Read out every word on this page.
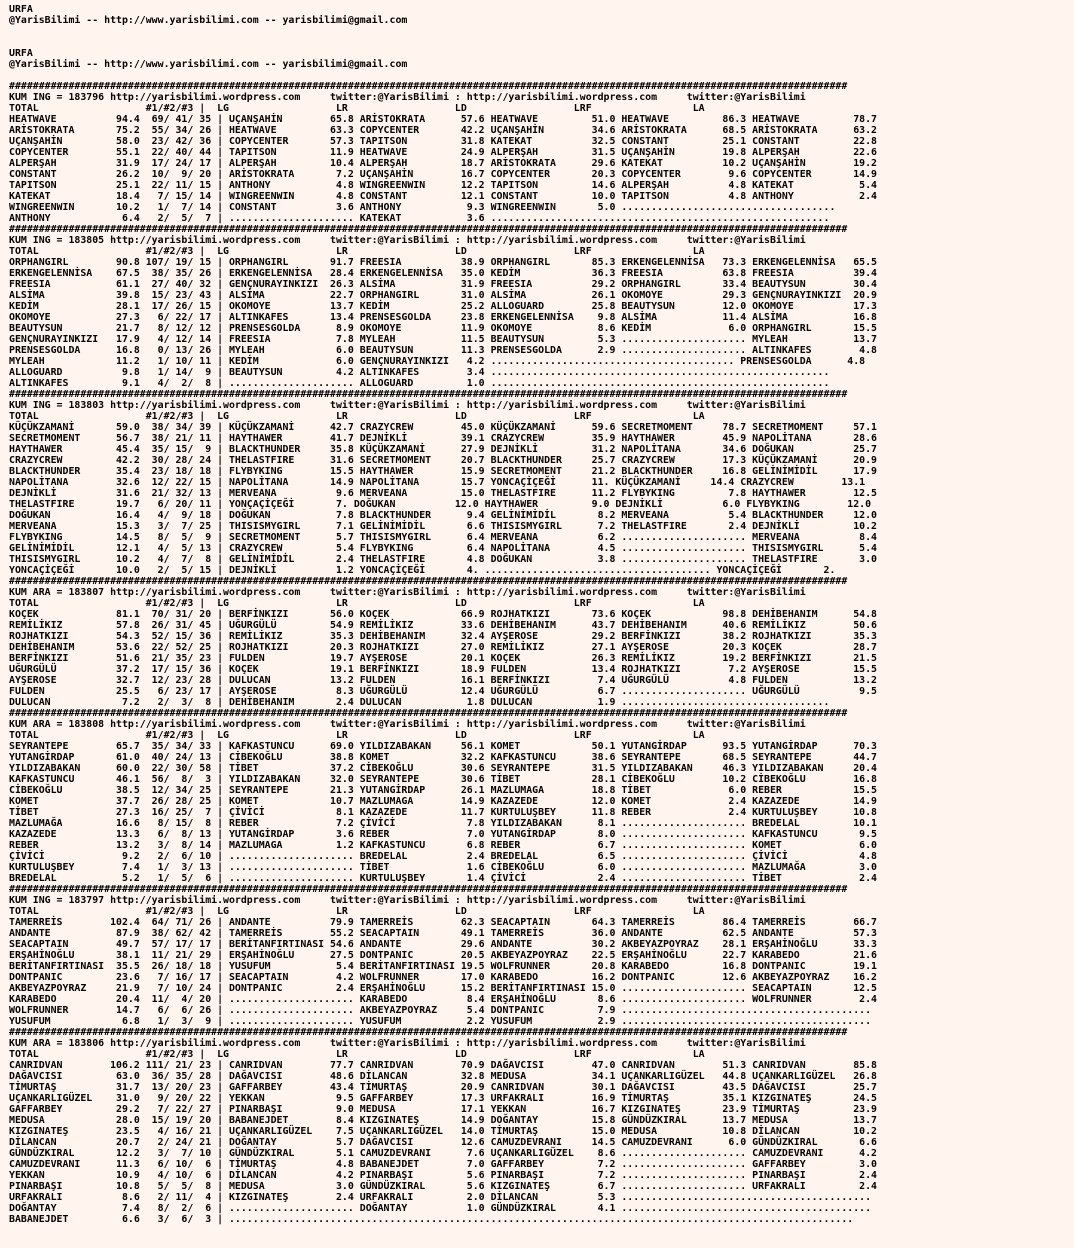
URFA
@YarisBilimi -- http://www.yarisbilimi.com -- yarisbilimi@gmail.com
URFA
@YarisBilimi -- http://www.yarisbilimi.com -- yarisbilimi@gmail.com
#############################################################################################################################################
KUM ING = 183796 http://yarisbilimi.wordpress.com     twitter:@YarisBilimi : http://yarisbilimi.wordpress.com     twitter:@YarisBilimi
TOTAL                  #1/#2/#3 |  LG                  LR                  LD                  LRF                 LA
HEATWAVE          94.4  69/ 41/ 35 | UÇANŞAHİN        65.8 ARİSTOKRATA      57.6 HEATWAVE         51.0 HEATWAVE         86.3 HEATWAVE         78.7
ARİSTOKRATA       75.2  55/ 34/ 26 | HEATWAVE         63.3 COPYCENTER       42.2 UÇANŞAHİN        34.6 ARİSTOKRATA      68.5 ARİSTOKRATA      63.2
UÇANŞAHİN         58.0  23/ 42/ 36 | COPYCENTER       57.3 TAPITSON         31.8 KATEKAT          32.5 CONSTANT         25.1 CONSTANT         22.8
COPYCENTER        55.1  22/ 40/ 44 | TAPITSON         11.9 HEATWAVE         24.9 ALPERŞAH         31.5 UÇANŞAHİN        19.8 ALPERŞAH         22.6
ALPERŞAH          31.9  17/ 24/ 17 | ALPERŞAH         10.4 ALPERŞAH         18.7 ARİSTOKRATA      29.6 KATEKAT          10.2 UÇANŞAHİN        19.2
CONSTANT          26.2  10/  9/ 20 | ARİSTOKRATA       7.2 UÇANŞAHİN        16.7 COPYCENTER       20.3 COPYCENTER        9.6 COPYCENTER       14.9
TAPITSON          25.1  22/ 11/ 15 | ANTHONY           4.8 WINGREENWIN      12.2 TAPITSON         14.6 ALPERŞAH          4.8 KATEKAT           5.4
KATEKAT           18.4   7/ 15/ 14 | WINGREENWIN       4.8 CONSTANT         12.1 CONSTANT         10.0 TAPITSON          4.8 ANTHONY           2.4
WINGREENWIN       10.2   1/  7/ 14 | CONSTANT          3.6 ANTHONY           9.3 WINGREENWIN       5.0 ....................................
ANTHONY            6.4   2/  5/  7 | ..................... KATEKAT           3.6 .........................................................
#############################################################################################################################################
KUM ING = 183805 http://yarisbilimi.wordpress.com     twitter:@YarisBilimi : http://yarisbilimi.wordpress.com     twitter:@YarisBilimi
TOTAL                  #1/#2/#3 |  LG                  LR                  LD                  LRF                 LA
ORPHANGIRL        90.8 107/ 19/ 15 | ORPHANGIRL       91.7 FREESIA          38.9 ORPHANGIRL       85.3 ERKENGELENNİSA   73.3 ERKENGELENNİSA   65.5
ERKENGELENNİSA    67.5  38/ 35/ 26 | ERKENGELENNİSA   28.4 ERKENGELENNİSA   35.0 KEDİM            36.3 FREESIA          63.8 FREESIA          39.4
FREESIA           61.1  27/ 40/ 32 | GENÇNURAYINKIZI  26.3 ALSİMA           31.9 FREESIA          29.2 ORPHANGIRL       33.4 BEAUTYSUN        30.4
ALSİMA            39.8  15/ 23/ 43 | ALSİMA           22.7 ORPHANGIRL       31.0 ALSİMA           26.1 OKOMOYE          29.3 GENÇNURAYINKIZI  20.9
KEDİM             28.1  17/ 26/ 15 | OKOMOYE          13.7 KEDİM            25.2 ALLOGUARD        25.8 BEAUTYSUN        12.0 OKOMOYE          17.3
OKOMOYE           27.3   6/ 22/ 17 | ALTINKAFES       13.4 PRENSESGOLDA     23.8 ERKENGELENNİSA    9.8 ALSİMA           11.4 ALSİMA           16.8
BEAUTYSUN         21.7   8/ 12/ 12 | PRENSESGOLDA      8.9 OKOMOYE          11.9 OKOMOYE           8.6 KEDİM             6.0 ORPHANGIRL       15.5
GENÇNURAYINKIZI   17.9   4/ 12/ 14 | FREESIA           7.8 MYLEAH           11.5 BEAUTYSUN         5.3 ..................... MYLEAH           13.7
PRENSESGOLDA      16.8   0/ 13/ 26 | MYLEAH            6.0 BEAUTYSUN        11.3 PRENSESGOLDA      2.9 ..................... ALTINKAFES        4.8
MYLEAH            11.2   1/ 10/ 11 | KEDİM             6.0 GENÇNURAYINKIZI   4.2 ......................................... PRENSESGOLDA      4.8
ALLOGUARD          9.8   1/ 14/  9 | BEAUTYSUN         4.2 ALTINKAFES        3.4 .........................................................
ALTINKAFES         9.1   4/  2/  8 | ..................... ALLOGUARD         1.0 .........................................................
#############################################################################################################################################
KUM ING = 183803 http://yarisbilimi.wordpress.com     twitter:@YarisBilimi : http://yarisbilimi.wordpress.com     twitter:@YarisBilimi
TOTAL                  #1/#2/#3 |  LG                  LR                  LD                  LRF                 LA
KÜÇÜKZAMANİ       59.0  38/ 34/ 39 | KÜÇÜKZAMANİ      42.7 CRAZYCREW        45.0 KÜÇÜKZAMANİ      59.6 SECRETMOMENT     78.7 SECRETMOMENT     57.1
SECRETMOMENT      56.7  38/ 21/ 11 | HAYTHAWER        41.7 DEJNİKLİ         39.1 CRAZYCREW        35.9 HAYTHAWER        45.9 NAPOLİTANA       28.6
HAYTHAWER         45.4  35/ 15/  9 | BLACKTHUNDER     35.8 KÜÇÜKZAMANİ      27.9 DEJNİKLİ         31.2 NAPOLİTANA       34.6 DOĞUKAN          25.7
CRAZYCREW         42.2  30/ 28/ 24 | THELASTFIRE      31.6 SECRETMOMENT     20.7 BLACKTHUNDER     25.7 CRAZYCREW        17.3 KÜÇÜKZAMANİ      20.9
BLACKTHUNDER      35.4  23/ 18/ 18 | FLYBYKING        15.5 HAYTHAWER        15.9 SECRETMOMENT     21.2 BLACKTHUNDER     16.8 GELİNİMİDİL      17.9
NAPOLİTANA        32.6  12/ 22/ 15 | NAPOLİTANA       14.9 NAPOLİTANA       15.7 YONCAÇİÇEĞİ      11. KÜÇÜKZAMANİ     14.4 CRAZYCREW        13.1
DEJNİKLİ          31.6  21/ 32/ 13 | MERVEANA          9.6 MERVEANA         15.0 THELASTFIRE      11.2 FLYBYKING         7.8 HAYTHAWER        12.5
THELASTFIRE       19.7   6/ 20/ 11 | YONÇAÇİÇEĞİ       7. DOĞUKAN          12.0 HAYTHAWER         9.0 DEJNİKLİ          6.0 FLYBYKING        12.0
DOĞUKAN           16.4   4/  9/ 18 | DOĞUKAN           7.8 BLACKTHUNDER      9.4 GELİNİMİDİL       8.2 MERVEANA          5.4 BLACKTHUNDER     12.0
MERVEANA          15.3   3/  7/ 25 | THISISMYGIRL      7.1 GELİNİMİDİL       6.6 THISISMYGIRL      7.2 THELASTFIRE       2.4 DEJNİKLİ         10.2
FLYBYKING         14.5   8/  5/  9 | SECRETMOMENT      5.7 THISISMYGIRL      6.4 MERVEANA          6.2 ..................... MERVEANA          8.4
GELİNİMİDİL       12.1   4/  5/ 13 | CRAZYCREW         5.4 FLYBYKING         6.4 NAPOLİTANA        4.5 ..................... THISISMYGIRL      5.4
THISISMYGIRL      10.2   4/  7/  8 | GELİNİMİDİL       2.4 THELASTFIRE       4.8 DOĞUKAN           3.8 ..................... THELASTFIRE       3.0
YONCAÇİÇEĞİ       10.0   2/  5/ 15 | DEJNİKLİ          1.2 YONCAÇİÇEĞİ       4. ...................................... YONCAÇİÇEĞİ       2.
#############################################################################################################################################
KUM ARA = 183807 http://yarisbilimi.wordpress.com     twitter:@YarisBilimi : http://yarisbilimi.wordpress.com     twitter:@YarisBilimi
TOTAL                  #1/#2/#3 |  LG                  LR                  LD                  LRF                 LA
KOÇEK             81.1  70/ 31/ 20 | BERFİNKIZI       56.0 KOÇEK            66.9 ROJHATKIZI       73.6 KOÇEK            98.8 DEHİBEHANIM      54.8
REMİLİKIZ         57.8  26/ 31/ 45 | UĞURGÜLÜ         54.9 REMİLİKIZ        33.6 DEHİBEHANIM      43.7 DEHİBEHANIM      40.6 REMİLİKIZ        50.6
ROJHATKIZI        54.3  52/ 15/ 36 | REMİLİKIZ        35.3 DEHİBEHANIM      32.4 AYŞEROSE         29.2 BERFİNKIZI       38.2 ROJHATKIZI       35.3
DEHİBEHANIM       53.6  22/ 52/ 25 | ROJHATKIZI       20.3 ROJHATKIZI       27.0 REMİLİKIZ        27.1 AYŞEROSE         20.3 KOÇEK            28.7
BERFİNKIZI        51.6  21/ 35/ 23 | FULDEN           19.7 AYŞEROSE         20.1 KOÇEK            26.3 REMİLİKIZ        19.2 BERFİNKIZI       21.5
UĞURGÜLÜ          37.2  17/ 15/ 36 | KOÇEK            19.1 BERFİNKIZI       18.9 FULDEN           13.4 ROJHATKIZI        7.2 AYŞEROSE         15.5
AYŞEROSE          32.7  12/ 23/ 28 | DULUCAN          13.2 FULDEN           16.1 BERFİNKIZI        7.4 UĞURGÜLÜ          4.8 FULDEN           13.2
FULDEN            25.5   6/ 23/ 17 | AYŞEROSE          8.3 UĞURGÜLÜ         12.4 UĞURGÜLÜ          6.7 ..................... UĞURGÜLÜ          9.5
DULUCAN            7.2   2/  3/  8 | DEHİBEHANIM       2.4 DULUCAN           1.8 DULUCAN           1.9 ...................................
#############################################################################################################################################
KUM ARA = 183808 http://yarisbilimi.wordpress.com     twitter:@YarisBilimi : http://yarisbilimi.wordpress.com     twitter:@YarisBilimi
TOTAL                  #1/#2/#3 |  LG                  LR                  LD                  LRF                 LA
SEYRANTEPE        65.7  35/ 34/ 33 | KAFKASTUNCU      69.0 YILDIZABAKAN     56.1 KOMET            50.1 YUTANGİRDAP      93.5 YUTANGİRDAP      70.3
YUTANGİRDAP       61.0  40/ 24/ 13 | CİBEKOĞLU        38.8 KOMET            32.2 KAFKASTUNCU      38.6 SEYRANTEPE       68.5 SEYRANTEPE       44.7
YILDIZABAKAN      60.0  22/ 30/ 58 | TİBET            37.2 CİBEKOĞLU        30.6 SEYRANTEPE       31.5 YILDIZABAKAN     46.3 YILDIZABAKAN     20.4
KAFKASTUNCU       46.1  56/  8/  3 | YILDIZABAKAN     32.0 SEYRANTEPE       30.6 TİBET            28.1 CİBEKOĞLU        10.2 CİBEKOĞLU        16.8
CİBEKOĞLU         38.5  12/ 34/ 25 | SEYRANTEPE       21.3 YUTANGİRDAP      26.1 MAZLUMAGA        18.8 TİBET             6.0 REBER            15.5
KOMET             37.7  26/ 28/ 25 | KOMET            10.7 MAZLUMAGA        14.9 KAZAZEDE         12.0 KOMET             2.4 KAZAZEDE         14.9
TİBET             27.3  16/ 25/  7 | ÇİVİCİ            8.1 KAZAZEDE         11.7 KURTULUŞBEY      11.8 REBER             2.4 KURTULUŞBEY      10.8
MAZLUMAĞA         16.6   8/ 15/  8 | REBER             7.2 ÇİVİCİ            7.8 YILDIZABAKAN      8.1 ..................... BREDELAL         10.1
KAZAZEDE          13.3   6/  8/ 13 | YUTANGİRDAP       3.6 REBER             7.0 YUTANGİRDAP       8.0 ..................... KAFKASTUNCU       9.5
REBER             13.2   3/  8/ 14 | MAZLUMAGA         1.2 KAFKASTUNCU       6.8 REBER             6.7 ..................... KOMET             6.0
ÇİVİCİ             9.2   2/  6/ 10 | ..................... BREDELAL          2.4 BREDELAL          6.5 ..................... ÇİVİCİ            4.8
KURTULUŞBEY        7.4   1/  3/ 13 | ..................... TİBET             1.6 CİBEKOĞLU         6.0 ..................... MAZLUMAĞA         3.0
BREDELAL           5.2   1/  5/  6 | ..................... KURTULUŞBEY       1.4 ÇİVİCİ            2.4 ..................... TİBET             2.4
#############################################################################################################################################
KUM ING = 183797 http://yarisbilimi.wordpress.com     twitter:@YarisBilimi : http://yarisbilimi.wordpress.com     twitter:@YarisBilimi
TOTAL                  #1/#2/#3 |  LG                  LR                  LD                  LRF                 LA
TAMERREİS        102.4  64/ 71/ 26 | ANDANTE          79.9 TAMERREİS        62.3 SEACAPTAIN       64.3 TAMERREİS        86.4 TAMERREİS        66.7
ANDANTE           87.9  38/ 62/ 42 | TAMERREİS        55.2 SEACAPTAIN       49.1 TAMERREİS        36.0 ANDANTE          62.5 ANDANTE          57.3
SEACAPTAIN        49.7  57/ 17/ 17 | BERİTANFIRTINASI 54.6 ANDANTE          29.6 ANDANTE          30.2 AKBEYAZPOYRAZ    28.1 ERŞAHİNOĞLU      33.3
ERŞAHİNOĞLU       38.1  11/ 21/ 29 | ERŞAHİNOĞLU      27.5 DONTPANIC        20.5 AKBEYAZPOYRAZ    22.5 ERŞAHİNOĞLU      22.7 KARABEDO         21.6
BERİTANFIRTINASI  35.5  26/ 18/ 18 | YUSUFUM           5.4 BERİTANFIRTINASI 19.5 WOLFRUNNER       20.8 KARABEDO         16.8 DONTPANIC        19.1
DONTPANIC         23.6   7/ 16/ 17 | SEACAPTAIN        4.2 WOLFRUNNER       17.0 KARABEDO         16.2 DONTPANIC        12.6 AKBEYAZPOYRAZ    16.2
AKBEYAZPOYRAZ     21.9   7/ 10/ 24 | DONTPANIC         2.4 ERŞAHİNOĞLU      15.2 BERİTANFIRTINASI 15.0 ..................... SEACAPTAIN       12.5
KARABEDO          20.4  11/  4/ 20 | ..................... KARABEDO          8.4 ERŞAHİNOĞLU       8.6 ..................... WOLFRUNNER        2.4
WOLFRUNNER        14.7   6/  6/ 26 | ..................... AKBEYAZPOYRAZ     5.4 DONTPANIC         7.9 ..........................................
YUSUFUM            6.8   1/  3/  9 | ..................... YUSUFUM           2.2 YUSUFUM           2.9 ..........................................
#############################################################################################################################################
KUM ARA = 183806 http://yarisbilimi.wordpress.com     twitter:@YarisBilimi : http://yarisbilimi.wordpress.com     twitter:@YarisBilimi
TOTAL                  #1/#2/#3 |  LG                  LR                  LD                  LRF                 LA
CANRIDVAN        106.2 111/ 21/ 23 | CANRIDVAN        77.7 CANRIDVAN        70.9 DAĞAVCISI        47.0 CANRIDVAN        51.3 CANRIDVAN        85.8
DAĞAVCISI         63.0  36/ 35/ 28 | DAĞAVCISI        48.6 DİLANCAN         32.8 MEDUSA           34.1 UÇANKARLIGÜZEL   44.8 UÇANKARLIGÜZEL   26.8
TİMURTAŞ          31.7  13/ 20/ 23 | GAFFARBEY        43.4 TİMURTAŞ         20.9 CANRIDVAN        30.1 DAĞAVCISI        43.5 DAĞAVCISI        25.7
UÇANKARLIGÜZEL    31.0   9/ 20/ 22 | YEKKAN            9.5 GAFFARBEY        17.3 URFAKRALI        16.9 TİMURTAŞ         35.1 KIZGINATEŞ       24.5
GAFFARBEY         29.2   7/ 22/ 27 | PINARBAŞI         9.0 MEDUSA           17.1 YEKKAN           16.7 KIZGINATEŞ       23.9 TİMURTAŞ         23.9
MEDUSA            28.0  15/ 19/ 20 | BABANEJDET        8.4 KIZGINATEŞ       14.9 DOĞANTAY         15.8 GÜNDÜZKIRAL      13.7 MEDUSA           13.7
KIZGINATEŞ        23.5   4/ 16/ 21 | UÇANKARLIGÜZEL    7.5 UÇANKARLIGÜZEL   14.0 TİMURTAŞ         15.0 MEDUSA           10.8 DİLANCAN         10.2
DİLANCAN          20.7   2/ 24/ 21 | DOĞANTAY          5.7 DAĞAVCISI        12.6 CAMUZDEVRANI     14.5 CAMUZDEVRANI      6.0 GÜNDÜZKIRAL       6.6
GÜNDÜZKIRAL       12.2   3/  7/ 10 | GÜNDÜZKIRAL       5.1 CAMUZDEVRANI      7.6 UÇANKARLIGÜZEL    8.6 ..................... CAMUZDEVRANI      4.2
CAMUZDEVRANI      11.3   6/ 10/  6 | TİMURTAŞ          4.8 BABANEJDET        7.0 GAFFARBEY         7.2 ..................... GAFFARBEY         3.0
YEKKAN            10.9   4/ 10/  6 | DİLANCAN          4.2 PINARBAŞI         5.6 PINARBAŞI         7.2 ..................... PINARBAŞI         2.4
PINARBAŞI         10.8   5/  5/  8 | MEDUSA            3.0 GÜNDÜZKIRAL       5.6 KIZGINATEŞ        6.7 ..................... URFAKRALI         2.4
URFAKRALI          8.6   2/ 11/  4 | KIZGINATEŞ        2.4 URFAKRALI         2.0 DİLANCAN          5.3 ..........................................
DOĞANTAY           7.4   8/  2/  6 | ..................... DOĞANTAY          1.0 GÜNDÜZKIRAL       4.1 ..........................................
BABANEJDET         6.6   3/  6/  3 | .........................................................................................................
